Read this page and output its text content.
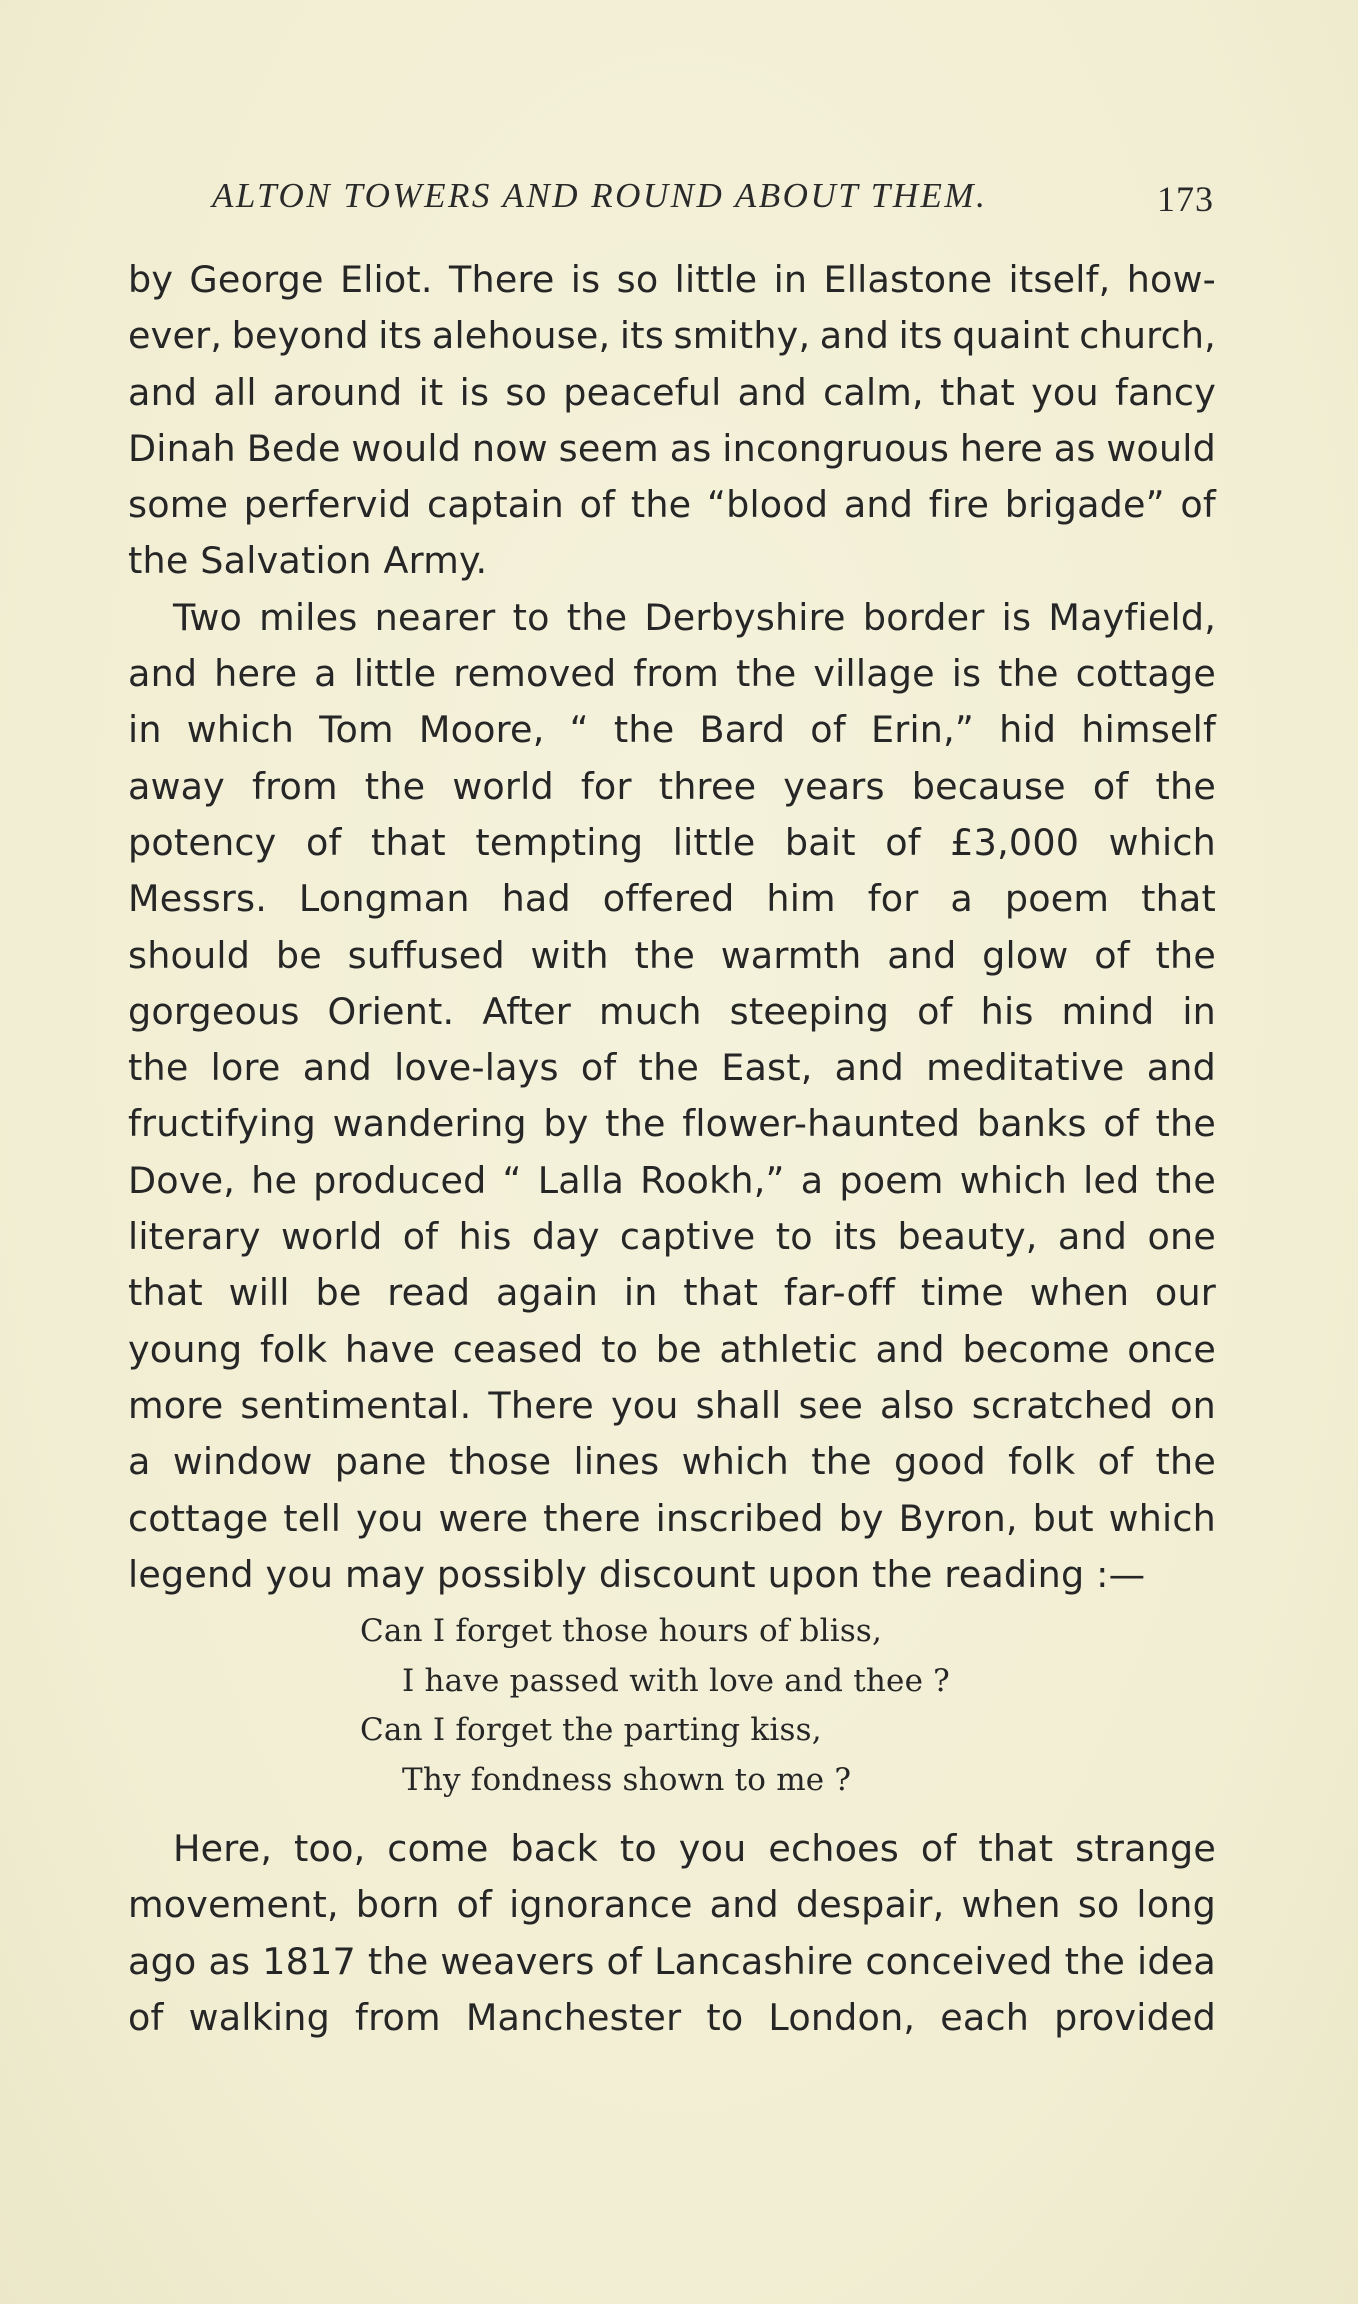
ALTON TOWERS AND ROUND ABOUT THEM.	173
by George Eliot. There is so little in Ellastone itself, how-
ever, beyond its alehouse, its smithy, and its quaint church,
and all around it is so peaceful and calm, that you fancy
Dinah Bede would now seem as incongruous here as would
some perfervid captain of the “blood and fire brigade” of
the Salvation Army.
Two miles nearer to the Derbyshire border is Mayfield,
and here a little removed from the village is the cottage
in which Tom Moore, “ the Bard of Erin,” hid himself
away from the world for three years because of the
potency of that tempting little bait of £3,000 which
Messrs. Longman had offered him for a poem that
should be suffused with the warmth and glow of the
gorgeous Orient. After much steeping of his mind in
the lore and love-lays of the East, and meditative and
fructifying wandering by the flower-haunted banks of the
Dove, he produced “ Lalla Rookh,” a poem which led the
literary world of his day captive to its beauty, and one
that will be read again in that far-off time when our
young folk have ceased to be athletic and become once
more sentimental. There you shall see also scratched on
a window pane those lines which the good folk of the
cottage tell you were there inscribed by Byron, but which
legend you may possibly discount upon the reading :—
Can I forget those hours of bliss,
I have passed with love and thee ?
Can I forget the parting kiss,
Thy fondness shown to me ?
Here, too, come back to you echoes of that strange
movement, born of ignorance and despair, when so long
ago as 1817 the weavers of Lancashire conceived the idea
of walking from Manchester to London, each provided
